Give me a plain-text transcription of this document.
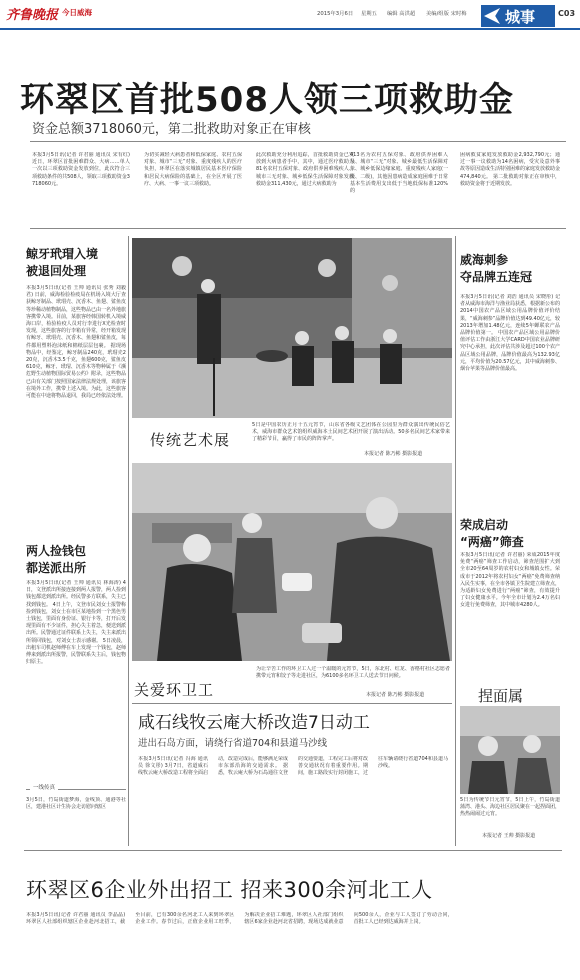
齐鲁晚报 今日威海	2015年3月6日 星期五 编辑 高洪超 美编/组版 宋时梅	城事	C03
环翠区首批508人领三项救助金
资金总额3718060元，第二批救助对象正在审核
本报3月5日讯(记者 许君丽 通讯员 宋有红) 近日，环翠区首批困难群众、大病……单人一次以三项救助资金发放到位，此次符合三项救助条件的共508人，领取三项救助资金3718060元。
为切实减轻大病患者和低保家庭、农村五保对象、城市“三无”对象、重度残疾人的医疗负担，环翠区在落实城镇居民基本医疗保险和居民大病保险的基础上，在全区开展了医疗、大病、一事一议三项救助。
此次救助充分利用追踪，首批救助资金已发放到大病患者手中，其中，通过医疗救助为81名农村五保对象、政府供养困难残疾人、城市三无对象、城乡低保生活保障对象发放救助金311,430元，通过大病救助为
413名为农村五保对象、政府供养困难人员、城市“三无”对象、城乡最低生活保障对象、城乡低保边缘家庭、重度残疾人家庭(一级、二级)，其他因患病造成家庭困难于日常基本生活费用支出低于当地低保标准120%的
困病救贫家庭发放救助金2,932,790元；通过一事一议救助为14名困病，受灾及意外事故等原因造成生活特别困难的家庭发放救助金474,840元。 第二批救助对象正在审核中，救助资金将于近期发放。
鲸牙玳瑁入境
被退回处理
本报3月5日讯(记者 王帅 通讯员 张秀 刘毅君) 日前，威海检验检疫局在机场入境大厅查获鲸牙制品、玳瑁壳、沉香木、鱼翅、鲨鱼皮等珍稀动植物制品，这些物品已由一名外地旅客携带入境。目前，某旅客经韩国转机入境威海口岸，检验检疫人员对行李进行X光检查时发现，这些旅客的行李箱有异常，经开箱发现有鲸牙、玳瑁壳、沉香木、鱼翅和鲨鱼皮，每件都用塑料泡沫纸和棉纸层层包裹。 据现场物品中，经鉴定，鲸牙制品240克，玳瑁壳220克，沉香木3.5千克，鱼翅600克，鲨鱼皮610克，鲸牙、玳瑁、沉香木等物种属于《濒危野生动植物国际贸易公约》附录，这些物品已由有关部门按照国家法律法规处理，该旅客在境外工作，携带上述入境。为此，这些旅客可能在中途将物品退回，我局已经依法处理。
两人捡钱包
都送派出所
本报3月5日讯(记者 王帅 通讯员 林海涛) 4日，文登派出所接连接到两人报警，两人捡到钱包都送到派出所。经民警多方联系，失主已找到钱包。 4日上午，文登市民刘女士报警称捡到钱包，刘女士在市区某地捡到一个黑色男士钱包，里面有身份证、银行卡等，打开后发现里面有不少证件，担心失主着急，便送到派出所。民警通过证件联系上失主，失主来派出所领回钱包，对刘女士表示感谢。 5日凌晨，出租车司机赵师傅在车上发现一个钱包，赵师傅来到派出所报警，民警联系失主后，钱包物归原主。
一线传真
3月5日，竹岛街道梦海，金线顶、通港等社区，建港社区计生协会走访慰问辖区
传统艺术展
5日是中国农历正月十五元宵节，山东省各级文艺团体在公园里为群众演出传统民俗艺术，威海市群众艺术馆组织威海本土民间艺术团开展了演出活动。50多名民间艺术家带来了精彩节目，赢得了市民的阵阵掌声。
本报记者 陈乃彬 摄影报道
关爱环卫工
为让辛苦工作的环卫工人过一个温暖的元宵节，5日，东北村、红龙、香格村社区志愿者携带元宵和饺子等走进社区，为6100多名环卫工人送去节日问候。
本报记者 陈乃彬 摄影报道
咸石线牧云庵大桥改造7日动工
进出石岛方面，请绕行省道704和县道马沙线
本报3月5日讯(记者 冯海 通讯员 徐文彤) 3月7日，省道威石线牧云庵大桥改造工程将全面启动，改造完成后，能够满足荣成市东部沿海的交通需求。 据悉，牧云庵大桥为石岛通往文登的交通要道，工程完工后将对改善交通状况有着重要作用。期间，施工路段实行封闭施工，过往车辆请绕行省道704和县道马沙线。
威海刺参
夺品牌五连冠
本报3月5日讯(记者 刘浩 通讯员 宋晓彤) 记者从威海市海洋与渔业局获悉，根据新公布的2014中国农产品区域公用品牌价值评价结果，“威海刺参”品牌价值达到49.40亿元，较2013年增加1.48亿元，连续5年蝉联农产品品牌价值第一。 中国农产品区域公用品牌价值评估工作由浙江大学CARD中国农业品牌研究中心承担，此次评估共涉及超过100个农产品区域公用品牌，品牌价值最高为132.93亿元，平均价值为20.57亿元，其中威海刺参、烟台苹果等品牌价值最高。
荣成启动
“两癌”筛查
本报3月5日讯(记者 许君丽) 荣成2015年度免费“两癌”筛查工作启动，筛查范围扩大到全市20至64周岁的农村妇女和城镇女性。荣成市于2012年将农村妇女“两癌”免费筛查纳入民生实事，在全市各镇卫生院建立筛查点，为适龄妇女免费进行“两癌”筛查，有效提升了妇女健康水平。今年全市计划为2.4万名妇女进行免费筛查，其中城市4280人。
捏面属
5日为传统节日元宵节，5日上午，竹岛街道蒲湾、港头、海边社区居民聚在一起捏面团，热热闹闹过元宵。
本报记者 王帅 摄影报道
环翠区6企业外出招工 招来300余河北工人
本报3月5日讯(记者 许君丽 通讯员 李晶晶) 环翠区人社部组织辖区企业赴河北招工，截至目前，已有300余名河北工人来到环翠区企业工作。春节过后，正值企业用工旺季，为解决企业招工难题，环翠区人社部门组织辖区6家企业赴河北省招聘，现场达成就业意向500余人，企业与工人签订了劳动合同，首批工人已经到达威海并上岗。
